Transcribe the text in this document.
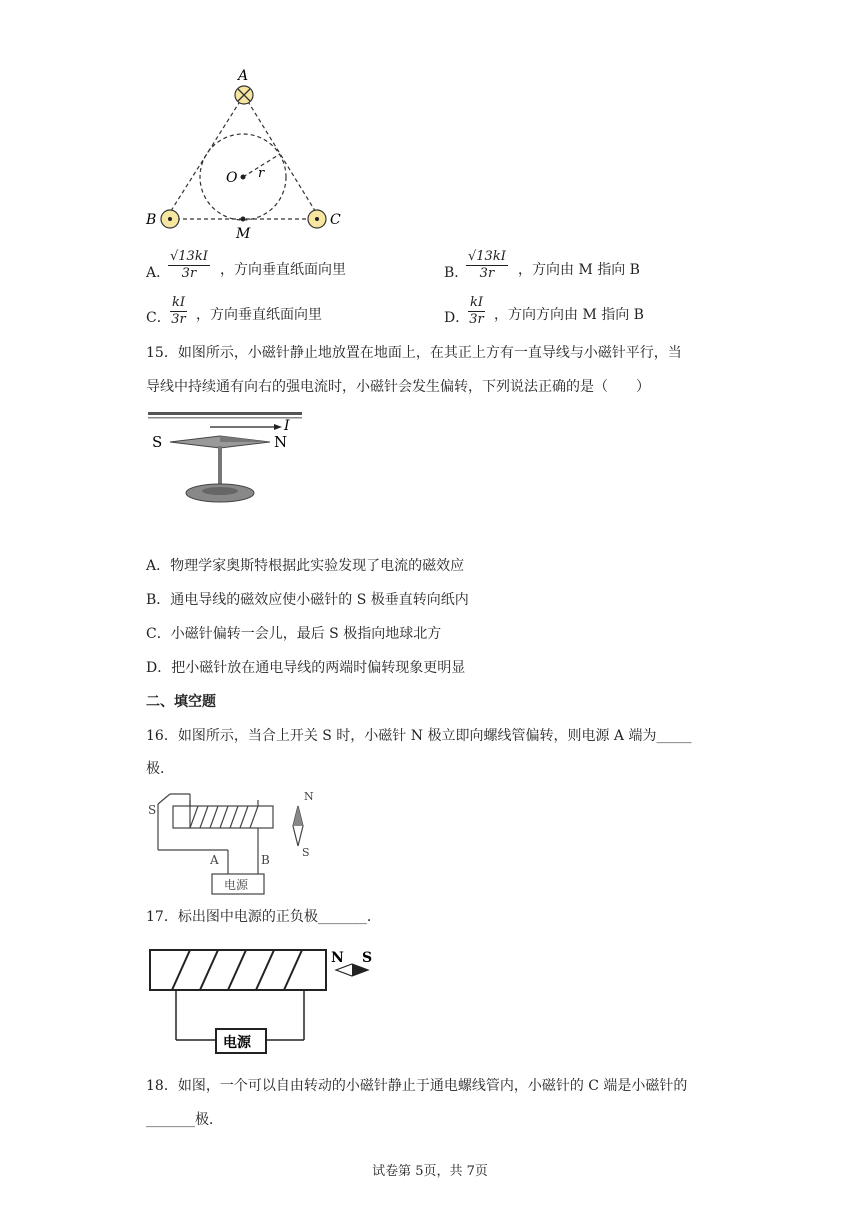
A
B	C
O r
M
A．
$\frac{√13kI}{3r}$ ，方向垂直纸面向里	B．
$\frac{√13kI}{3r}$ ，方向由 M 指向 B
C． $\frac{kI}{3r}$ ，方向垂直纸面向里	D．
$\frac{kI}{3r}$ ，方向方向由 M 指向 B
15．如图所示，小磁针静止地放置在地面上，在其正上方有一直导线与小磁针平行，当
导线中持续通有向右的强电流时，小磁针会发生偏转，下列说法正确的是（　　）
I
S	N
A．物理学家奥斯特根据此实验发现了电流的磁效应
B．通电导线的磁效应使小磁针的 S 极垂直转向纸内
C．小磁针偏转一会儿，最后 S 极指向地球北方
D．把小磁针放在通电导线的两端时偏转现象更明显
二、填空题
16．如图所示，当合上开关 S 时，小磁针 N 极立即向螺线管偏转，则电源 A 端为_____
极．
电源
S
A	B
N
S
17．标出图中电源的正负极_______．
电源
N S
18．如图，一个可以自由转动的小磁针静止于通电螺线管内，小磁针的 C 端是小磁针的
_______极．
试卷第 5页，共 7页
